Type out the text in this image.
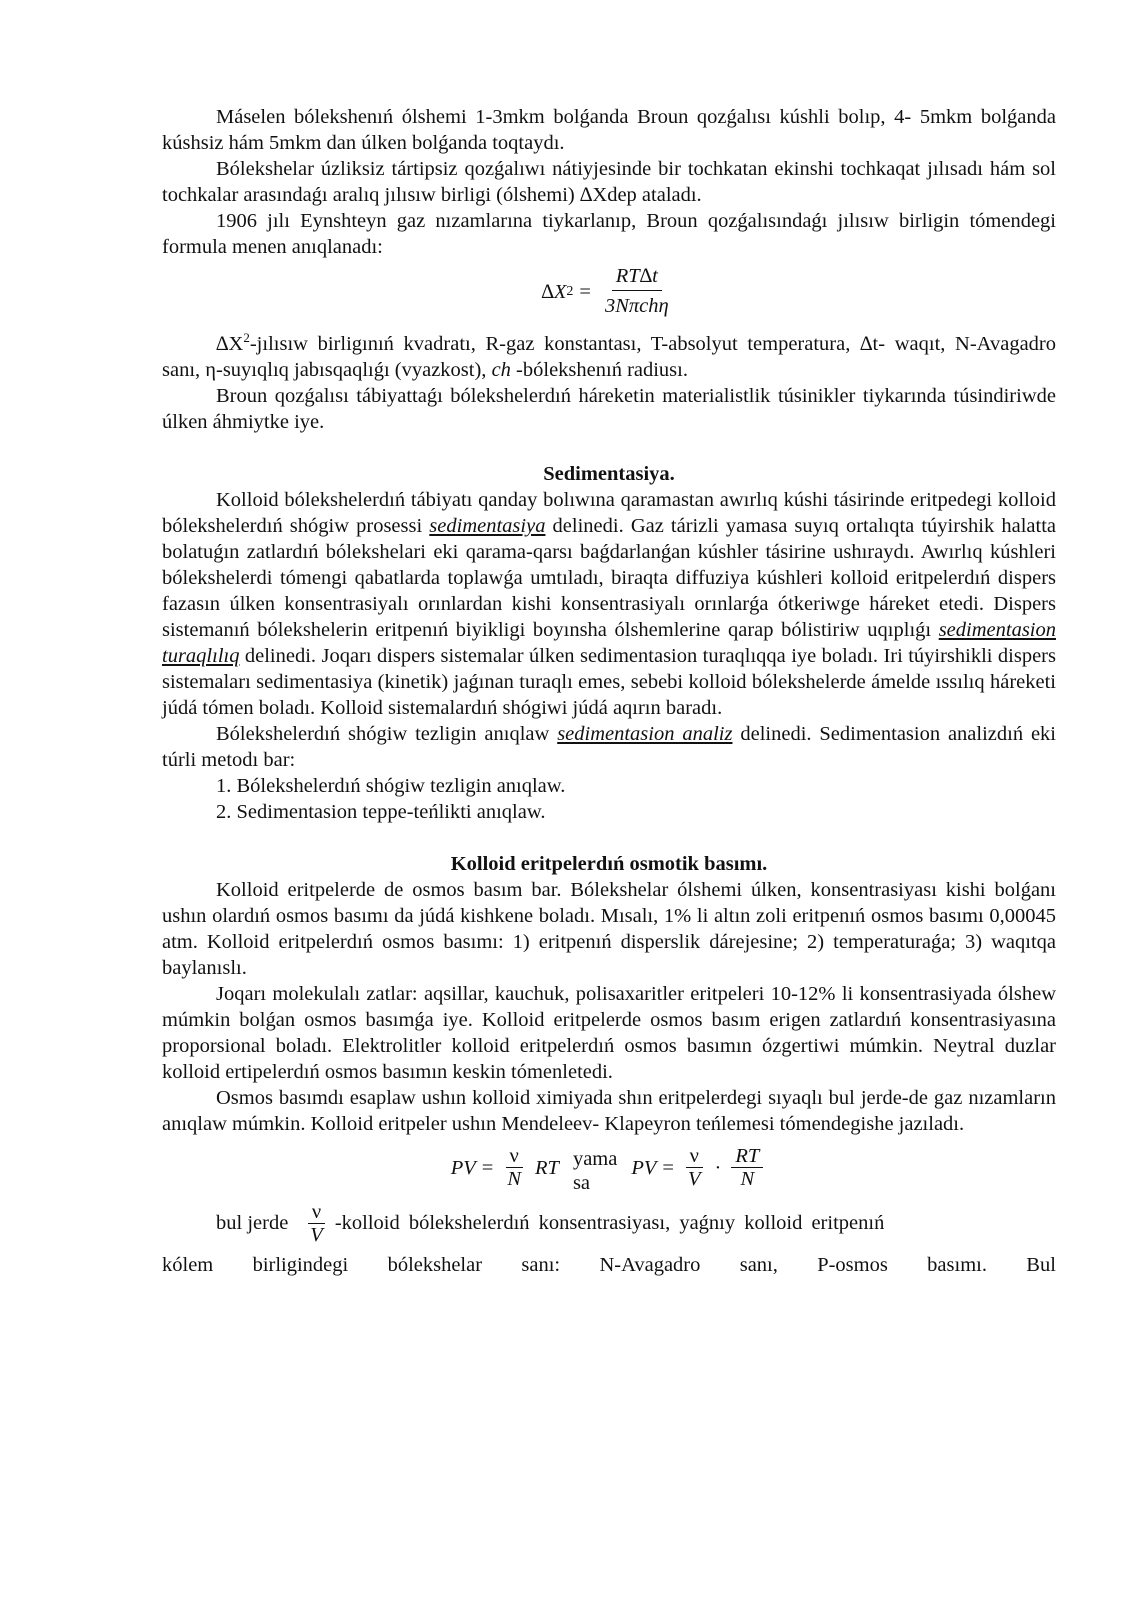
Máselen bólekshenıń ólshemi 1-3mkm bolǵanda Broun qozǵalısı kúshli bolıp, 4- 5mkm bolǵanda kúshsiz hám 5mkm dan úlken bolǵanda toqtaydı.

Bólekshelar úzliksiz tártipsiz qozǵalıwı nátiyjesinde bir tochkatan ekinshi tochkaqat jılısadı hám sol tochkalar arasındaǵı aralıq jılısıw birligi (ólshemi) ∆Xdep ataladı.

1906 jılı Eynshteyn gaz nızamlarına tiykarlanıp, Broun qozǵalısındaǵı jılısıw birligin tómendegi formula menen anıqlanadı:

∆X $2 = \frac{RT\Delta t}{\text{3Nπchη}}$

$\Delta X^2$-jılısıw birligınıń kvadratı, R-gaz konstantası, T-absolyut temperatura, ∆t- waqıt, N-Avagadro sanı, η-suyıqlıq jabısqaqlıǵı (vyazkost), ch -bólekshenıń radiusı.

Broun qozǵalısı tábiyattaǵı bólekshelerdıń háreketin materialistlik túsinikler tiykarında túsindiriwde úlken áhmiytke iye.

Sedimentasiya.

Kolloid bólekshelerdıń tábiyatı qanday bolıwına qaramastan awırlıq kúshi tásirinde eritpedegi kolloid bólekshelerdıń shógiw prosessi sedimentasiya delinedi. Gaz tárizli yamasa suyıq ortalıqta túyirshik halatta bolatuǵın zatlardıń bólekshelari eki qarama-qarsı baǵdarlanǵan kúshler tásirine ushıraydı. Awırlıq kúshleri bólekshelerdi tómengi qabatlarda toplawǵa umtıladı, biraqta diffuziya kúshleri kolloid eritpelerdıń dispers fazasın úlken konsentrasiyalı orınlardan kishi konsentrasiyalı orınlarǵa ótkeriwge háreket etedi. Dispers sistemanıń bólekshelerin eritpenıń biyikligi boyınsha ólshemlerine qarap bólistiriw uqıplıǵı sedimentasion turaqlılıq delinedi. Joqarı dispers sistemalar úlken sedimentasion turaqlıqqa iye boladı. Iri túyirshikli dispers sistemaları sedimentasiya (kinetik) jaǵınan turaqlı emes, sebebi kolloid bólekshelerde ámelde ıssılıq háreketi júdá tómen boladı. Kolloid sistemalardıń shógiwi júdá aqırın baradı.

Bólekshelerdıń shógiw tezligin anıqlaw sedimentasion analiz delinedi. Sedimentasion analizdıń eki túrli metodı bar:

1. Bólekshelerdıń shógiw tezligin anıqlaw.

2. Sedimentasion teppe-teńlikti anıqlaw.

Kolloid eritpelerdıń osmotik basımı.

Kolloid eritpelerde de osmos basım bar. Bólekshelar ólshemi úlken, konsentrasiyası kishi bolǵanı ushın olardıń osmos basımı da júdá kishkene boladı. Mısalı, 1% li altın zoli eritpenıń osmos basımı 0,00045 atm. Kolloid eritpelerdıń osmos basımı: 1) eritpenıń disperslik dárejesine; 2) temperaturaǵa; 3) waqıtqa baylanıslı.

Joqarı molekulalı zatlar: aqsillar, kauchuk, polisaxaritler eritpeleri 10-12% li konsentrasiyada ólshew múmkin bolǵan osmos basımǵa iye. Kolloid eritpelerde osmos basım erigen zatlardıń konsentrasiyasına proporsional boladı. Elektrolitler kolloid eritpelerdıń osmos basımın ózgertiwi múmkin. Neytral duzlar kolloid ertipelerdıń osmos basımın keskin tómenletedi.

Osmos basımdı esaplaw ushın kolloid ximiyada shın eritpelerdegi sıyaqlı bul jerde-de gaz nızamların anıqlaw múmkin. Kolloid eritpeler ushın Mendeleev- Klapeyron teńlemesi tómendegishe jazıladı.

PV = $\frac{\nu}{N}$ RT yama
sa
PV = $\frac{\nu}{V} \cdot \frac{RT}{N}$
bul jerde $\frac{\nu}{V}$ -kolloid bólekshelerdıń konsentrasiyası, yaǵnıy kolloid eritpenıń
kólem birligindegi bólekshelar sanı: N-Avagadro sanı, P-osmos basımı. Bul
